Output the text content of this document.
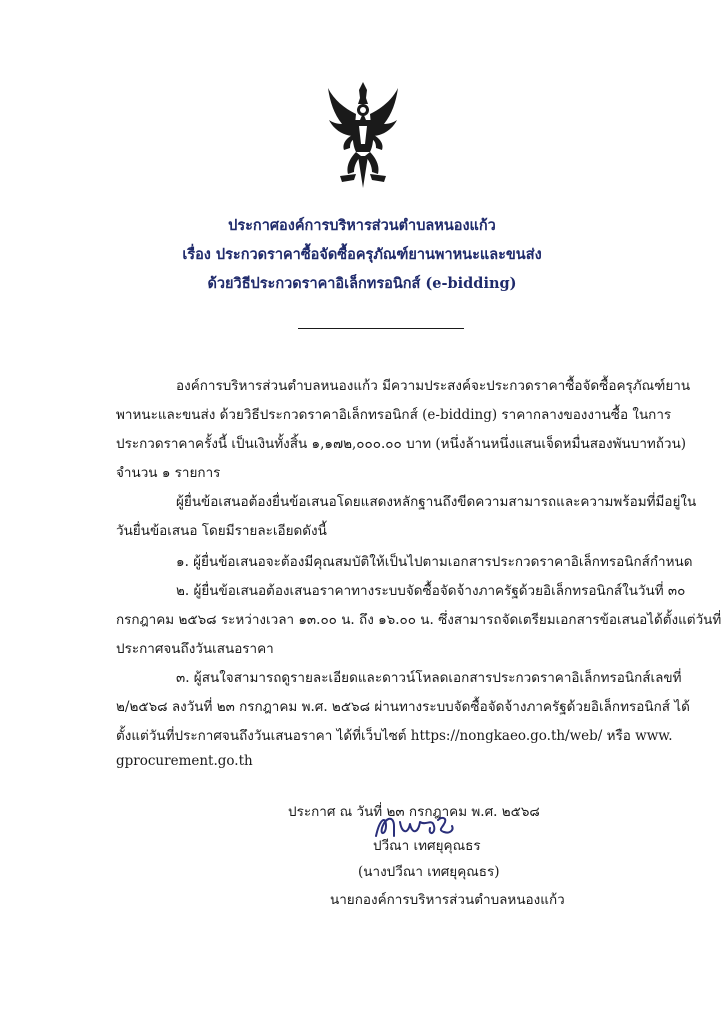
ประกาศองค์การบริหารส่วนตำบลหนองแก้ว
เรื่อง ประกวดราคาซื้อจัดซื้อครุภัณฑ์ยานพาหนะและขนส่ง
ด้วยวิธีประกวดราคาอิเล็กทรอนิกส์ (e-bidding)
องค์การบริหารส่วนตำบลหนองแก้ว มีความประสงค์จะประกวดราคาซื้อจัดซื้อครุภัณฑ์ยาน
พาหนะและขนส่ง ด้วยวิธีประกวดราคาอิเล็กทรอนิกส์ (e-bidding) ราคากลางของงานซื้อ ในการ
ประกวดราคาครั้งนี้ เป็นเงินทั้งสิ้น ๑,๑๗๒,๐๐๐.๐๐ บาท (หนึ่งล้านหนึ่งแสนเจ็ดหมื่นสองพันบาทถ้วน)
จำนวน ๑ รายการ
ผู้ยื่นข้อเสนอต้องยื่นข้อเสนอโดยแสดงหลักฐานถึงขีดความสามารถและความพร้อมที่มีอยู่ใน
วันยื่นข้อเสนอ โดยมีรายละเอียดดังนี้
๑. ผู้ยื่นข้อเสนอจะต้องมีคุณสมบัติให้เป็นไปตามเอกสารประกวดราคาอิเล็กทรอนิกส์กำหนด
๒. ผู้ยื่นข้อเสนอต้องเสนอราคาทางระบบจัดซื้อจัดจ้างภาครัฐด้วยอิเล็กทรอนิกส์ในวันที่ ๓๐
กรกฎาคม ๒๕๖๘ ระหว่างเวลา ๑๓.๐๐ น. ถึง ๑๖.๐๐ น. ซึ่งสามารถจัดเตรียมเอกสารข้อเสนอได้ตั้งแต่วันที่
ประกาศจนถึงวันเสนอราคา
๓. ผู้สนใจสามารถดูรายละเอียดและดาวน์โหลดเอกสารประกวดราคาอิเล็กทรอนิกส์เลขที่
๒/๒๕๖๘ ลงวันที่ ๒๓ กรกฎาคม พ.ศ. ๒๕๖๘ ผ่านทางระบบจัดซื้อจัดจ้างภาครัฐด้วยอิเล็กทรอนิกส์ ได้
ตั้งแต่วันที่ประกาศจนถึงวันเสนอราคา ได้ที่เว็บไซต์ https://nongkaeo.go.th/web/ หรือ www.
gprocurement.go.th
ประกาศ ณ วันที่ ๒๓ กรกฎาคม พ.ศ. ๒๕๖๘
ปวีณา เทศยุคุณธร
(นางปวีณา เทศยุคุณธร)
นายกองค์การบริหารส่วนตำบลหนองแก้ว
